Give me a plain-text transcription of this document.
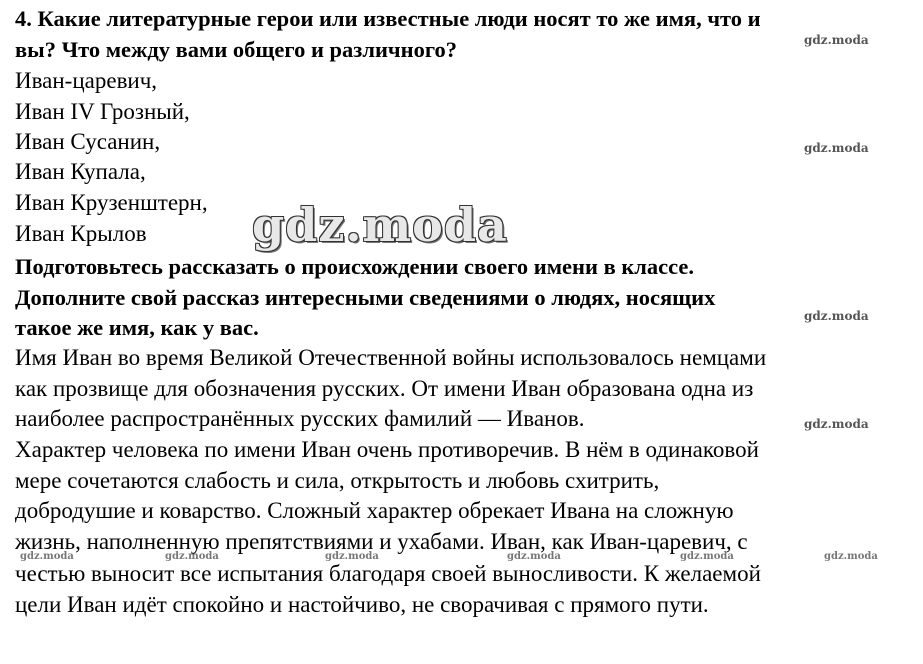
4. Какие литературные герои или известные люди носят то же имя, что и
вы? Что между вами общего и различного?
Иван-царевич,
Иван IV Грозный,
Иван Сусанин,
Иван Купала,
Иван Крузенштерн,
Иван Крылов
Подготовьтесь рассказать о происхождении своего имени в классе.
Дополните свой рассказ интересными сведениями о людях, носящих
такое же имя, как у вас.
Имя Иван во время Великой Отечественной войны использовалось немцами
как прозвище для обозначения русских. От имени Иван образована одна из
наиболее распространённых русских фамилий — Иванов.
Характер человека по имени Иван очень противоречив. В нём в одинаковой
мере сочетаются слабость и сила, открытость и любовь схитрить,
добродушие и коварство. Сложный характер обрекает Ивана на сложную
жизнь, наполненную препятствиями и ухабами. Иван, как Иван-царевич, с
честью выносит все испытания благодаря своей выносливости. К желаемой
цели Иван идёт спокойно и настойчиво, не сворачивая с прямого пути.
gdz.moda
gdz.moda
gdz.moda
gdz.moda
gdz.moda
gdz.moda	gdz.moda	gdz.moda	gdz.moda	gdz.moda	gdz.moda
